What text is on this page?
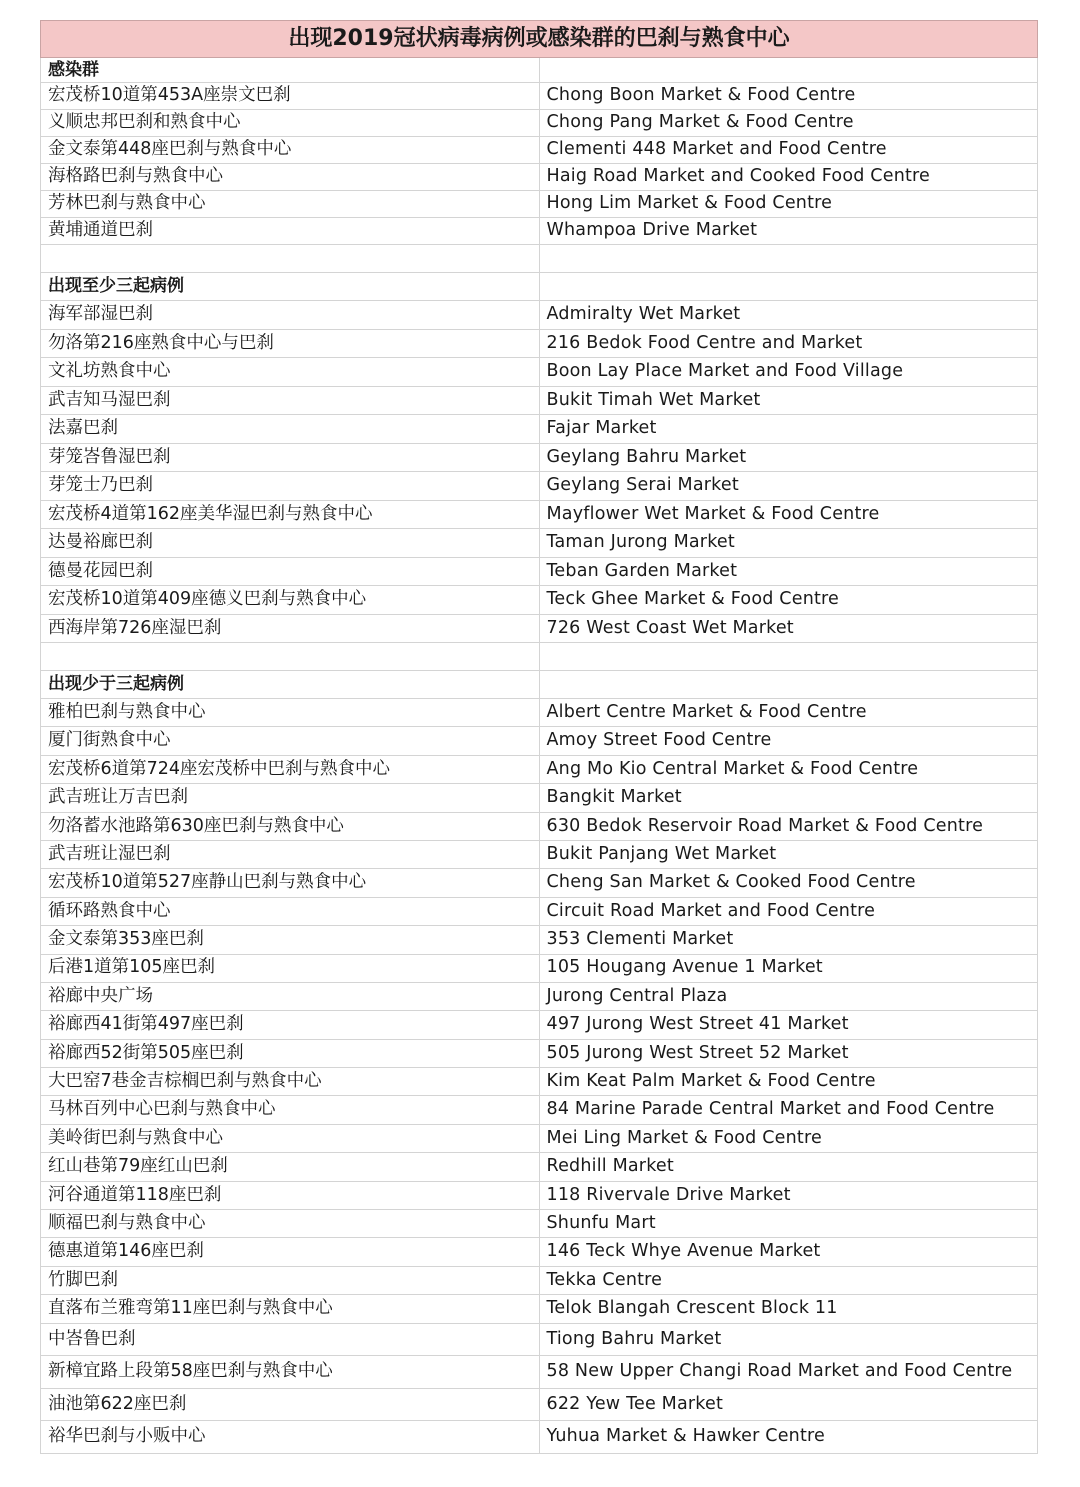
出现2019冠状病毒病例或感染群的巴刹与熟食中心	
感染群	
宏茂桥10道第453A座崇文巴刹	Chong Boon Market & Food Centre
义顺忠邦巴刹和熟食中心	Chong Pang Market & Food Centre
金文泰第448座巴刹与熟食中心	Clementi 448 Market and Food Centre
海格路巴刹与熟食中心	Haig Road Market and Cooked Food Centre
芳林巴刹与熟食中心	Hong Lim Market & Food Centre
黄埔通道巴刹	Whampoa Drive Market

出现至少三起病例	
海军部湿巴刹	Admiralty Wet Market
勿洛第216座熟食中心与巴刹	216 Bedok Food Centre and Market
文礼坊熟食中心	Boon Lay Place Market and Food Village
武吉知马湿巴刹	Bukit Timah Wet Market
法嘉巴刹	Fajar Market
芽笼峇鲁湿巴刹	Geylang Bahru Market
芽笼士乃巴刹	Geylang Serai Market
宏茂桥4道第162座美华湿巴刹与熟食中心	Mayflower Wet Market & Food Centre
达曼裕廊巴刹	Taman Jurong Market
德曼花园巴刹	Teban Garden Market
宏茂桥10道第409座德义巴刹与熟食中心	Teck Ghee Market & Food Centre
西海岸第726座湿巴刹	726 West Coast Wet Market

出现少于三起病例	
雅柏巴刹与熟食中心	Albert Centre Market & Food Centre
厦门街熟食中心	Amoy Street Food Centre
宏茂桥6道第724座宏茂桥中巴刹与熟食中心	Ang Mo Kio Central Market & Food Centre
武吉班让万吉巴刹	Bangkit Market
勿洛蓄水池路第630座巴刹与熟食中心	630 Bedok Reservoir Road Market & Food Centre
武吉班让湿巴刹	Bukit Panjang Wet Market
宏茂桥10道第527座静山巴刹与熟食中心	Cheng San Market & Cooked Food Centre
循环路熟食中心	Circuit Road Market and Food Centre
金文泰第353座巴刹	353 Clementi Market
后港1道第105座巴刹	105 Hougang Avenue 1 Market
裕廊中央广场	Jurong Central Plaza
裕廊西41街第497座巴刹	497 Jurong West Street 41 Market
裕廊西52街第505座巴刹	505 Jurong West Street 52 Market
大巴窑7巷金吉棕榈巴刹与熟食中心	Kim Keat Palm Market & Food Centre
马林百列中心巴刹与熟食中心	84 Marine Parade Central Market and Food Centre
美岭街巴刹与熟食中心	Mei Ling Market & Food Centre
红山巷第79座红山巴刹	Redhill Market
河谷通道第118座巴刹	118 Rivervale Drive Market
顺福巴刹与熟食中心	Shunfu Mart
德惠道第146座巴刹	146 Teck Whye Avenue Market
竹脚巴刹	Tekka Centre
直落布兰雅弯第11座巴刹与熟食中心	Telok Blangah Crescent Block 11
中峇鲁巴刹	Tiong Bahru Market
新樟宜路上段第58座巴刹与熟食中心	58 New Upper Changi Road Market and Food Centre
油池第622座巴刹	622 Yew Tee Market
裕华巴刹与小贩中心	Yuhua Market & Hawker Centre
